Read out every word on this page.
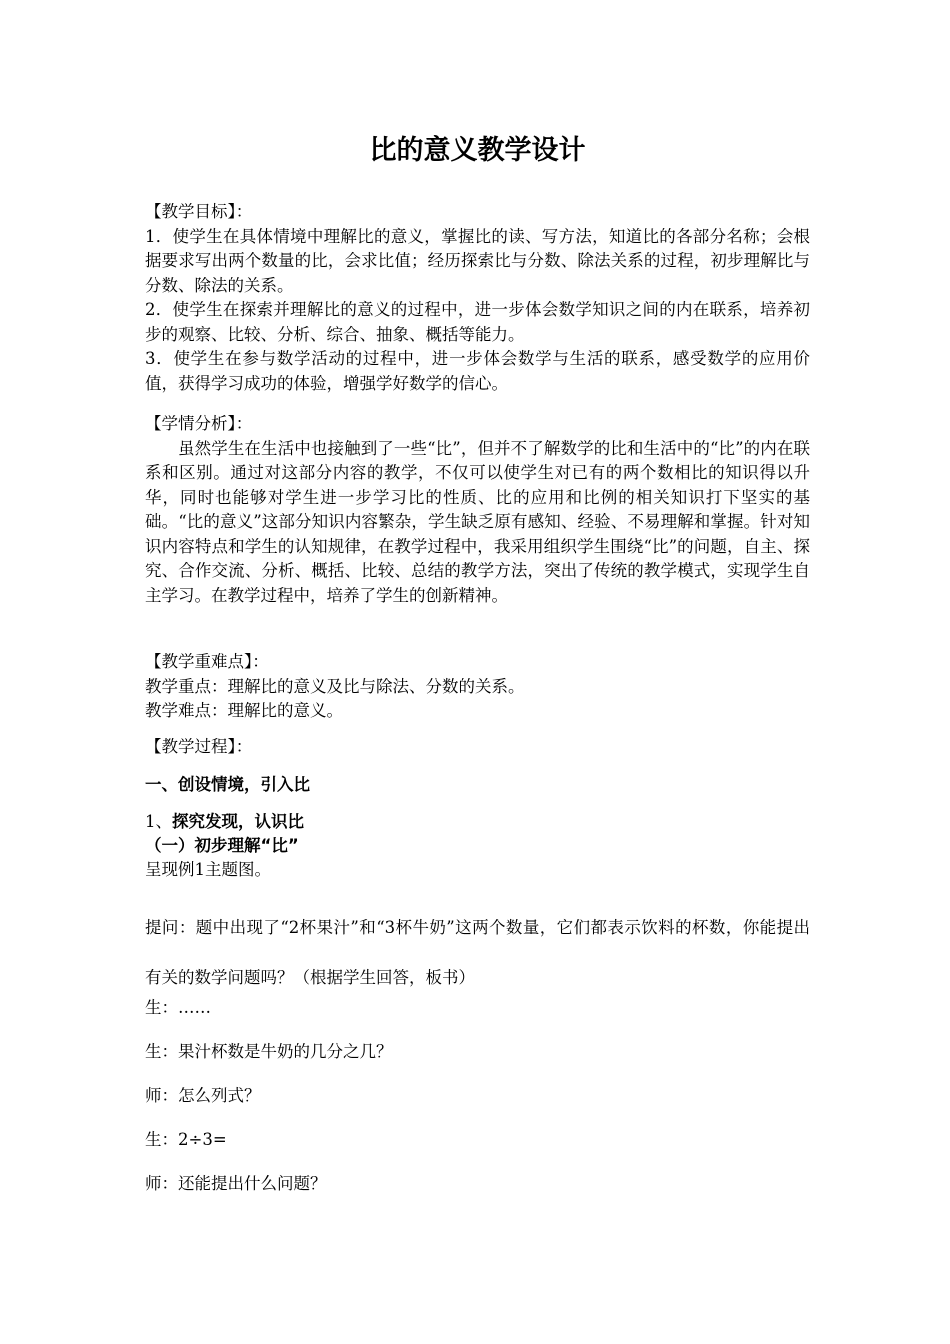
比的意义教学设计

【教学目标】：

1．使学生在具体情境中理解比的意义，掌握比的读、写方法，知道比的各部分名称；会根据要求写出两个数量的比，会求比值；经历探索比与分数、除法关系的过程，初步理解比与分数、除法的关系。

2．使学生在探索并理解比的意义的过程中，进一步体会数学知识之间的内在联系，培养初步的观察、比较、分析、综合、抽象、概括等能力。

3．使学生在参与数学活动的过程中，进一步体会数学与生活的联系，感受数学的应用价值，获得学习成功的体验，增强学好数学的信心。

【学情分析】：

虽然学生在生活中也接触到了一些“比”，但并不了解数学的比和生活中的“比”的内在联系和区别。通过对这部分内容的教学，不仅可以使学生对已有的两个数相比的知识得以升华，同时也能够对学生进一步学习比的性质、比的应用和比例的相关知识打下坚实的基础。“比的意义”这部分知识内容繁杂，学生缺乏原有感知、经验、不易理解和掌握。针对知识内容特点和学生的认知规律，在教学过程中，我采用组织学生围绕“比”的问题，自主、探究、合作交流、分析、概括、比较、总结的教学方法，突出了传统的教学模式，实现学生自主学习。在教学过程中，培养了学生的创新精神。

【教学重难点】：

教学重点：理解比的意义及比与除法、分数的关系。

教学难点：理解比的意义。

【教学过程】：
一、创设情境，引入比
1、探究发现，认识比
（一）初步理解“比”
呈现例1主题图。

提问：题中出现了“2杯果汁”和“3杯牛奶”这两个数量，它们都表示饮料的杯数，你能提出有关的数学问题吗？（根据学生回答，板书）

生：……
生：果汁杯数是牛奶的几分之几？
师：怎么列式？
生：2÷3=
师：还能提出什么问题？
